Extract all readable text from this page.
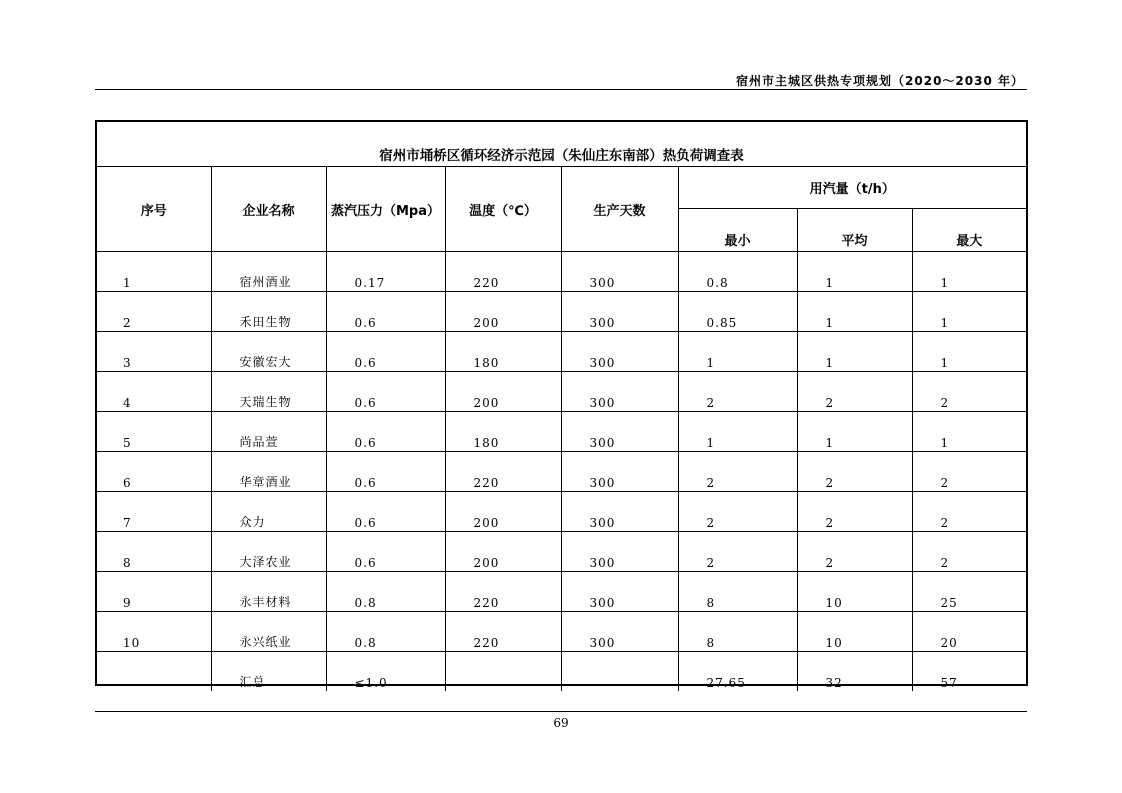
宿州市主城区供热专项规划（2020～2030 年）
宿州市埇桥区循环经济示范园（朱仙庄东南部）热负荷调查表							
序号	企业名称	蒸汽压力（Mpa）	温度（℃）	生产天数	用汽量（t/h）		
					最小	平均	最大
1	宿州酒业	0.17	220	300	0.8	1	1
2	禾田生物	0.6	200	300	0.85	1	1
3	安徽宏大	0.6	180	300	1	1	1
4	天瑞生物	0.6	200	300	2	2	2
5	尚品萱	0.6	180	300	1	1	1
6	华章酒业	0.6	220	300	2	2	2
7	众力	0.6	200	300	2	2	2
8	大泽农业	0.6	200	300	2	2	2
9	永丰材料	0.8	220	300	8	10	25
10	永兴纸业	0.8	220	300	8	10	20
	汇总	≤1.0			27.65	32	57
69
